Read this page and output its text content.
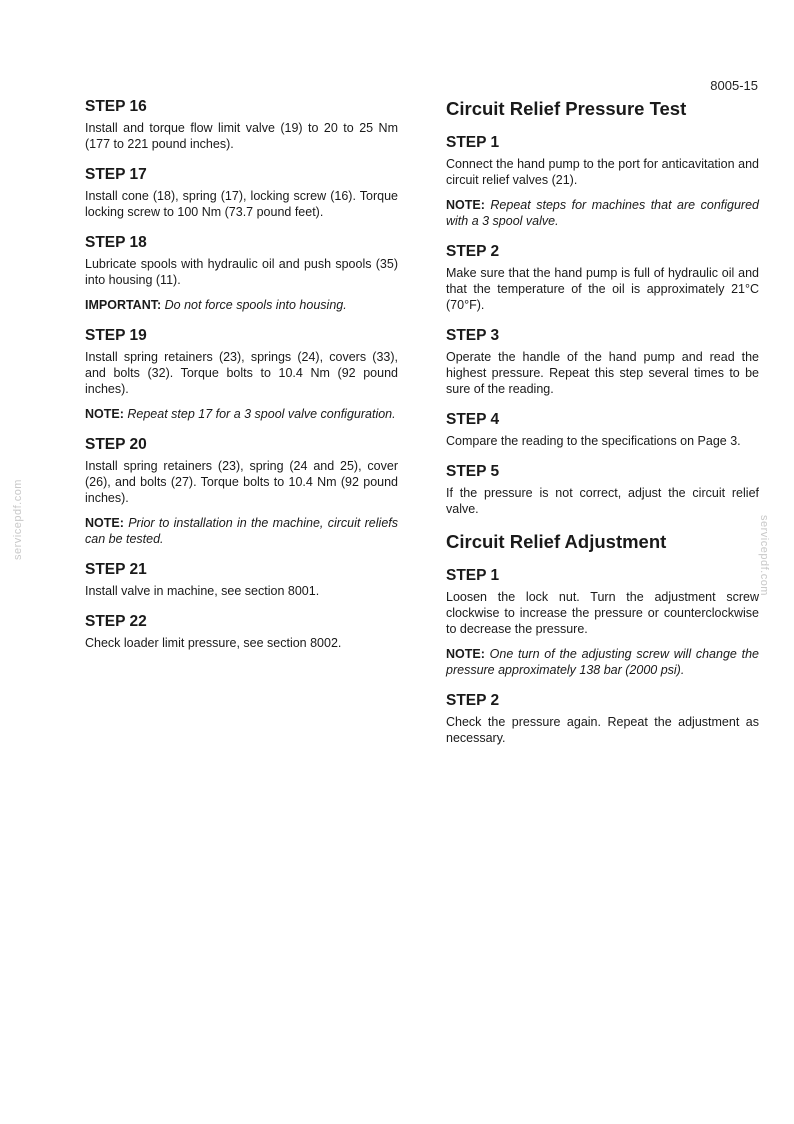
8005-15
servicepdf.com	servicepdf.com
STEP 16

Install and torque flow limit valve (19) to 20 to 25 Nm (177 to 221 pound inches).

STEP 17

Install cone (18), spring (17), locking screw (16). Torque locking screw to 100 Nm (73.7 pound feet).

STEP 18

Lubricate spools with hydraulic oil and push spools (35) into housing (11).

IMPORTANT: Do not force spools into housing.

STEP 19

Install spring retainers (23), springs (24), covers (33), and bolts (32). Torque bolts to 10.4 Nm (92 pound inches).

NOTE: Repeat step 17 for a 3 spool valve configuration.

STEP 20

Install spring retainers (23), spring (24 and 25), cover (26), and bolts (27). Torque bolts to 10.4 Nm (92 pound inches).

NOTE: Prior to installation in the machine, circuit reliefs can be tested.

STEP 21

Install valve in machine, see section 8001.

STEP 22

Check loader limit pressure, see section 8002.

Circuit Relief Pressure Test
STEP 1

Connect the hand pump to the port for anticavitation and circuit relief valves (21).

NOTE: Repeat steps for machines that are configured with a 3 spool valve.

STEP 2

Make sure that the hand pump is full of hydraulic oil and that the temperature of the oil is approximately 21°C (70°F).

STEP 3

Operate the handle of the hand pump and read the highest pressure. Repeat this step several times to be sure of the reading.

STEP 4

Compare the reading to the specifications on Page 3.

STEP 5

If the pressure is not correct, adjust the circuit relief valve.

Circuit Relief Adjustment
STEP 1

Loosen the lock nut. Turn the adjustment screw clockwise to increase the pressure or counterclockwise to decrease the pressure.

NOTE: One turn of the adjusting screw will change the pressure approximately 138 bar (2000 psi).

STEP 2

Check the pressure again. Repeat the adjustment as necessary.
